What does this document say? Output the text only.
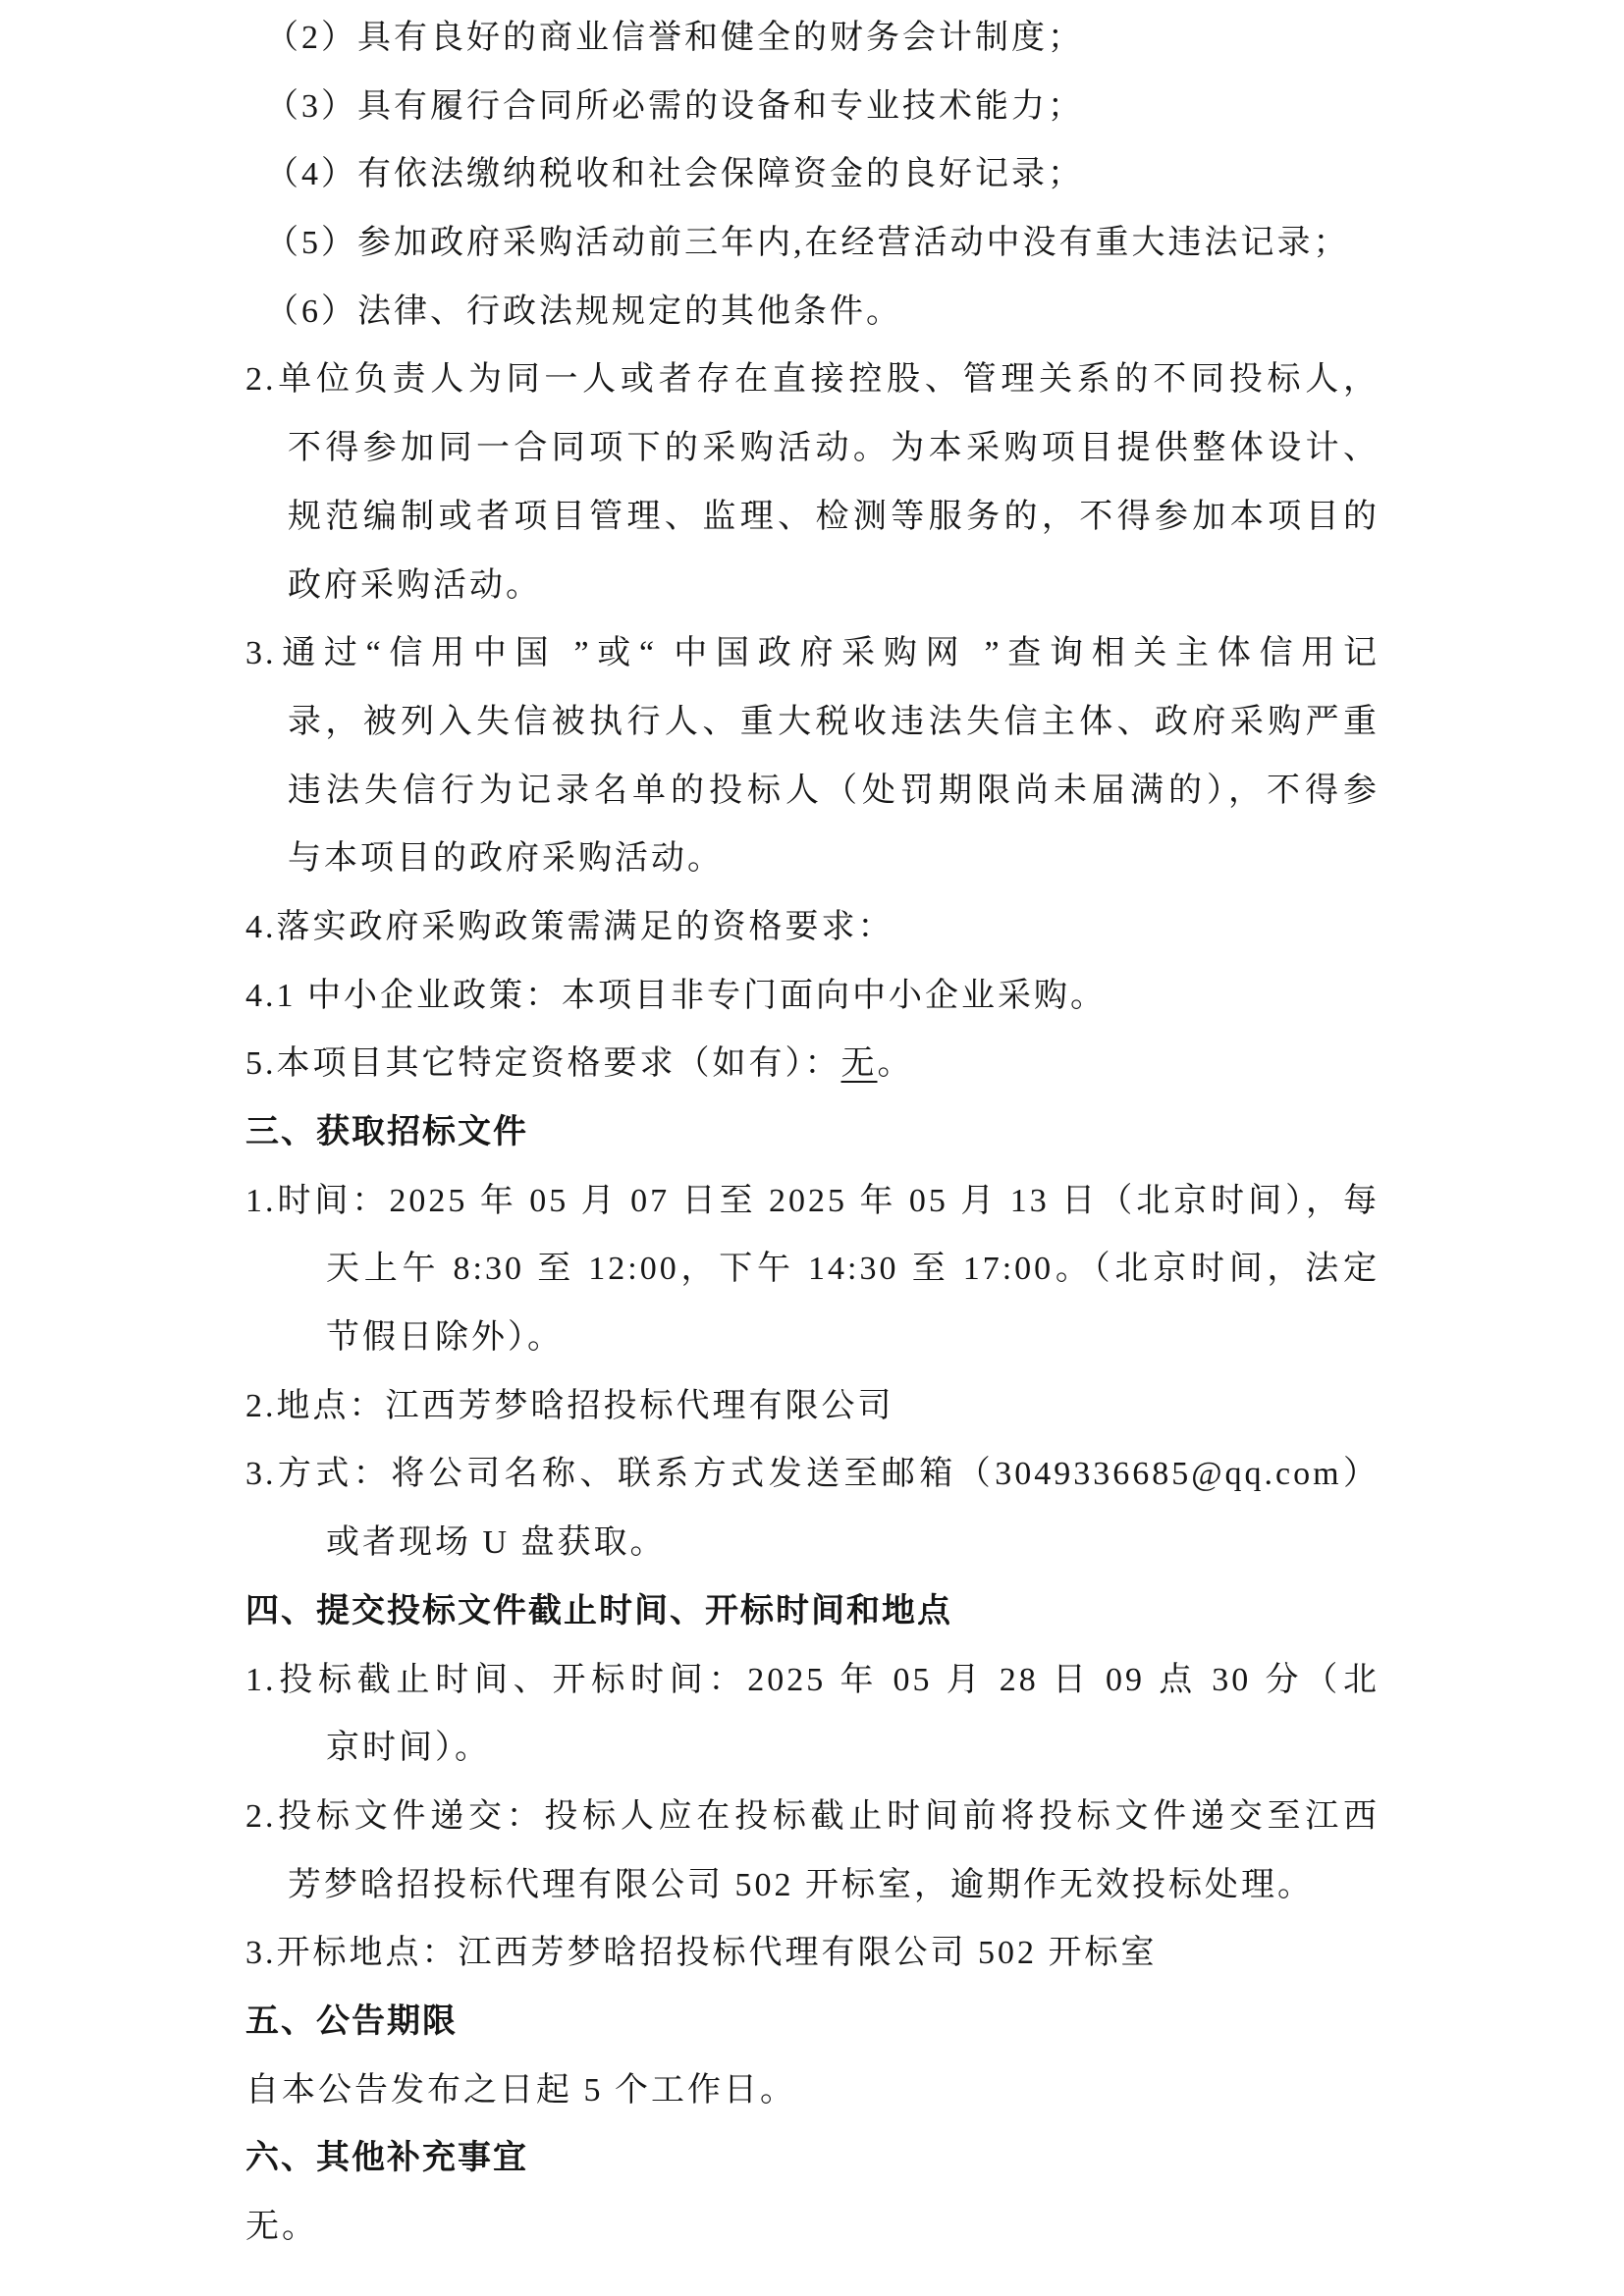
（2）具有良好的商业信誉和健全的财务会计制度；
（3）具有履行合同所必需的设备和专业技术能力；
（4）有依法缴纳税收和社会保障资金的良好记录；
（5）参加政府采购活动前三年内,在经营活动中没有重大违法记录；
（6）法律、行政法规规定的其他条件。
2.单位负责人为同一人或者存在直接控股、管理关系的不同投标人，
不得参加同一合同项下的采购活动。为本采购项目提供整体设计、
规范编制或者项目管理、监理、检测等服务的，不得参加本项目的
政府采购活动。
3.通过“信用中国 ”或“ 中国政府采购网 ”查询相关主体信用记
录，被列入失信被执行人、重大税收违法失信主体、政府采购严重
违法失信行为记录名单的投标人（处罚期限尚未届满的），不得参
与本项目的政府采购活动。
4.落实政府采购政策需满足的资格要求：
4.1 中小企业政策：本项目非专门面向中小企业采购。
5.本项目其它特定资格要求（如有）：无。
三、获取招标文件
1.时间：2025 年 05 月 07 日至 2025 年 05 月 13 日（北京时间），每
天上午 8:30 至 12:00，下午 14:30 至 17:00。（北京时间，法定
节假日除外）。
2.地点：江西芳梦晗招投标代理有限公司
3.方式：将公司名称、联系方式发送至邮箱（3049336685@qq.com）
或者现场 U 盘获取。
四、提交投标文件截止时间、开标时间和地点
1.投标截止时间、开标时间：2025 年 05 月 28 日 09 点 30 分（北
京时间）。
2.投标文件递交：投标人应在投标截止时间前将投标文件递交至江西
芳梦晗招投标代理有限公司 502 开标室，逾期作无效投标处理。
3.开标地点：江西芳梦晗招投标代理有限公司 502 开标室
五、公告期限
自本公告发布之日起 5 个工作日。
六、其他补充事宜
无。
